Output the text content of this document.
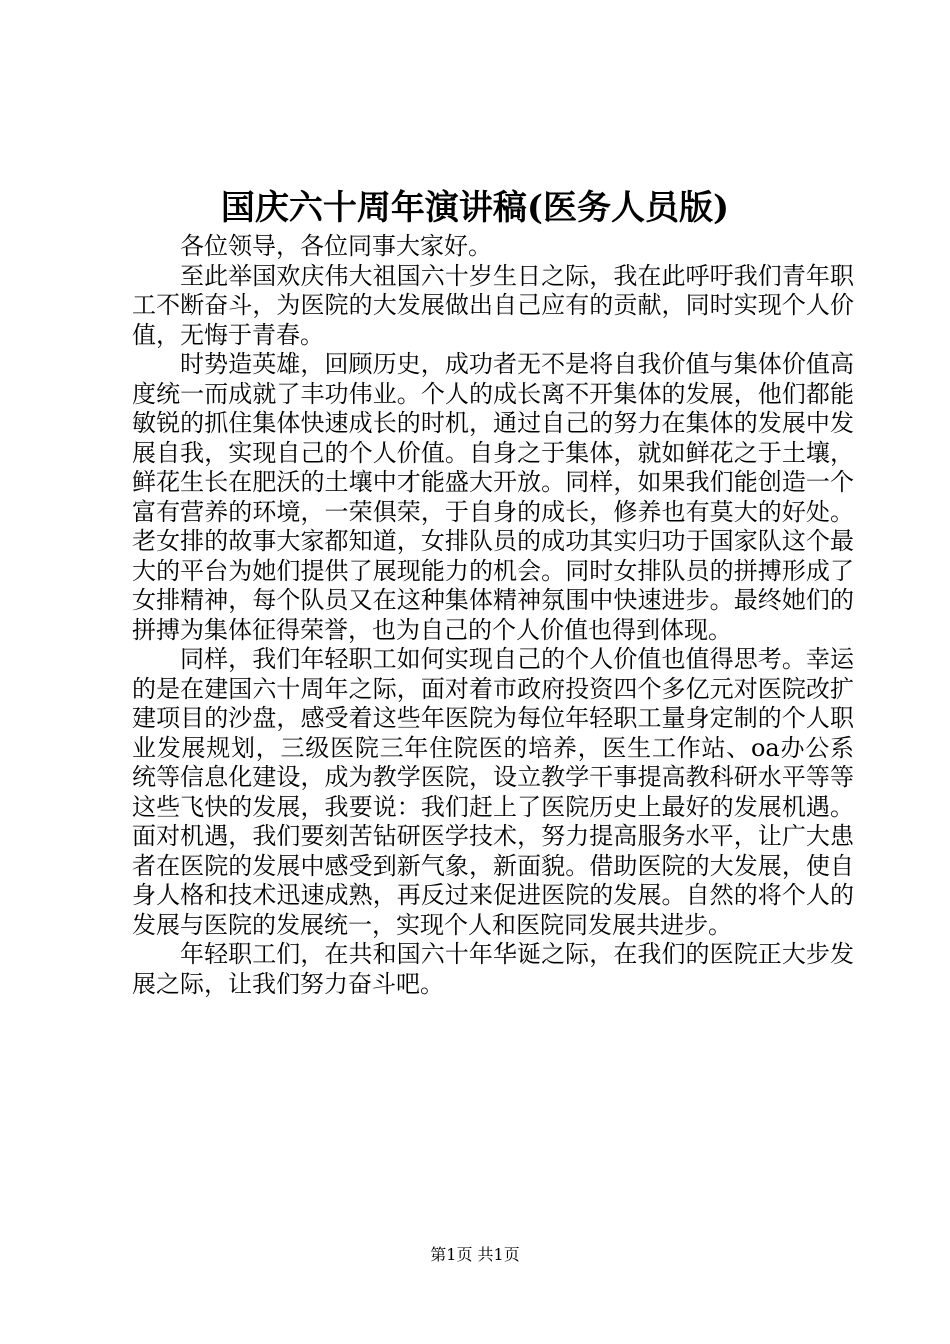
国庆六十周年演讲稿(医务人员版)

各位领导，各位同事大家好。

至此举国欢庆伟大祖国六十岁生日之际，我在此呼吁我们青年职工不断奋斗，为医院的大发展做出自己应有的贡献，同时实现个人价值，无悔于青春。

时势造英雄，回顾历史，成功者无不是将自我价值与集体价值高度统一而成就了丰功伟业。个人的成长离不开集体的发展，他们都能敏锐的抓住集体快速成长的时机，通过自己的努力在集体的发展中发展自我，实现自己的个人价值。自身之于集体，就如鲜花之于土壤，鲜花生长在肥沃的土壤中才能盛大开放。同样，如果我们能创造一个富有营养的环境，一荣俱荣，于自身的成长，修养也有莫大的好处。老女排的故事大家都知道，女排队员的成功其实归功于国家队这个最大的平台为她们提供了展现能力的机会。同时女排队员的拼搏形成了女排精神，每个队员又在这种集体精神氛围中快速进步。最终她们的拼搏为集体征得荣誉，也为自己的个人价值也得到体现。

同样，我们年轻职工如何实现自己的个人价值也值得思考。幸运的是在建国六十周年之际，面对着市政府投资四个多亿元对医院改扩建项目的沙盘，感受着这些年医院为每位年轻职工量身定制的个人职业发展规划，三级医院三年住院医的培养，医生工作站、oa办公系统等信息化建设，成为教学医院，设立教学干事提高教科研水平等等这些飞快的发展，我要说：我们赶上了医院历史上最好的发展机遇。面对机遇，我们要刻苦钻研医学技术，努力提高服务水平，让广大患者在医院的发展中感受到新气象，新面貌。借助医院的大发展，使自身人格和技术迅速成熟，再反过来促进医院的发展。自然的将个人的发展与医院的发展统一，实现个人和医院同发展共进步。

年轻职工们，在共和国六十年华诞之际，在我们的医院正大步发展之际，让我们努力奋斗吧。

第1页 共1页
